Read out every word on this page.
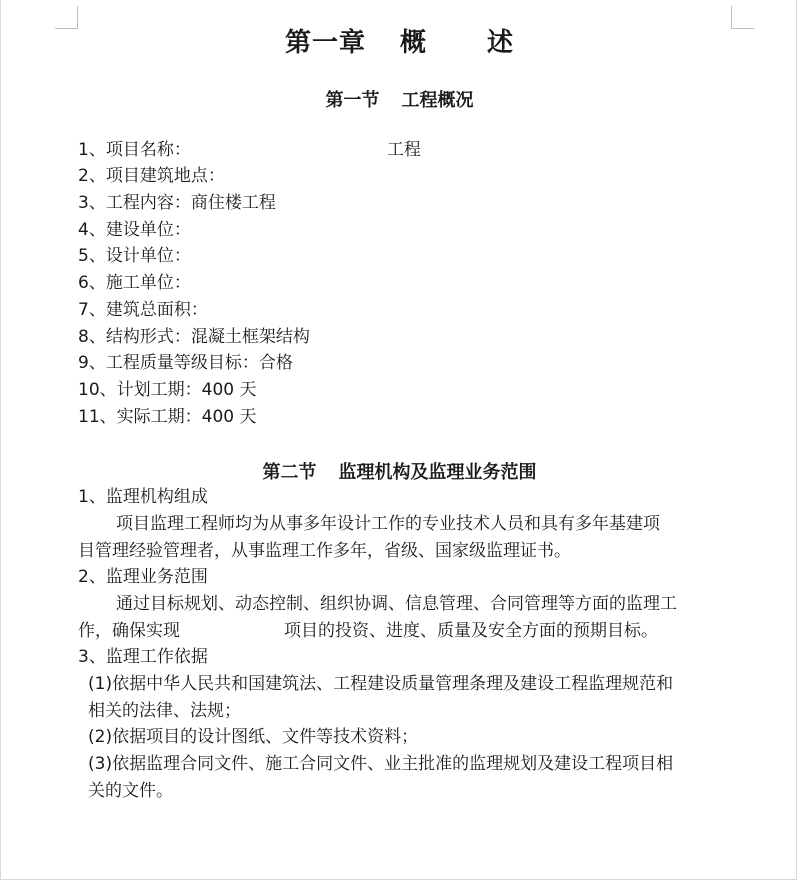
第一章 概 述
第一节 工程概况
1、项目名称：	工程
2、项目建筑地点：
3、工程内容：商住楼工程
4、建设单位：
5、设计单位：
6、施工单位：
7、建筑总面积：
8、结构形式：混凝土框架结构
9、工程质量等级目标：合格
10、计划工期：400 天
11、实际工期：400 天
第二节 监理机构及监理业务范围
1、监理机构组成
项目监理工程师均为从事多年设计工作的专业技术人员和具有多年基建项
目管理经验管理者，从事监理工作多年，省级、国家级监理证书。
2、监理业务范围
通过目标规划、动态控制、组织协调、信息管理、合同管理等方面的监理工
作，确保实现	项目的投资、进度、质量及安全方面的预期目标。
3、监理工作依据
(1)依据中华人民共和国建筑法、工程建设质量管理条理及建设工程监理规范和
相关的法律、法规；
(2)依据项目的设计图纸、文件等技术资料；
(3)依据监理合同文件、施工合同文件、业主批准的监理规划及建设工程项目相
关的文件。
